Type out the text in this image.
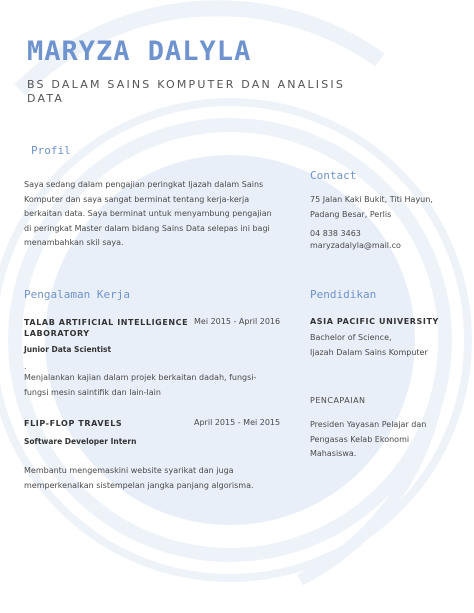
MARYZA DALYLA
BS DALAM SAINS KOMPUTER DAN ANALISIS DATA
Profil
Saya sedang dalam pengajian peringkat Ijazah dalam Sains
Komputer dan saya sangat berminat tentang kerja-kerja
berkaitan data. Saya berminat untuk menyambung pengajian
di peringkat Master dalam bidang Sains Data selepas ini bagi
menambahkan skil saya.
Contact
75 Jalan Kaki Bukit, Titi Hayun,
Padang Besar, Perlis
04 838 3463
maryzadalyla@mail.co
Pengalaman Kerja
TALAB ARTIFICIAL INTELLIGENCE
LABORATORY
Mei 2015 - April 2016
Junior Data Scientist
.
Menjalankan kajian dalam projek berkaitan dadah, fungsi-
fungsi mesin saintifik dan lain-lain
FLIP-FLOP TRAVELS	April 2015 - Mei 2015
Software Developer Intern
Membantu mengemaskini website syarikat dan juga
memperkenalkan sistempelan jangka panjang algorisma.
Pendidikan
ASIA PACIFIC UNIVERSITY
Bachelor of Science,
Ijazah Dalam Sains Komputer
PENCAPAIAN
Presiden Yayasan Pelajar dan
Pengasas Kelab Ekonomi
Mahasiswa.
